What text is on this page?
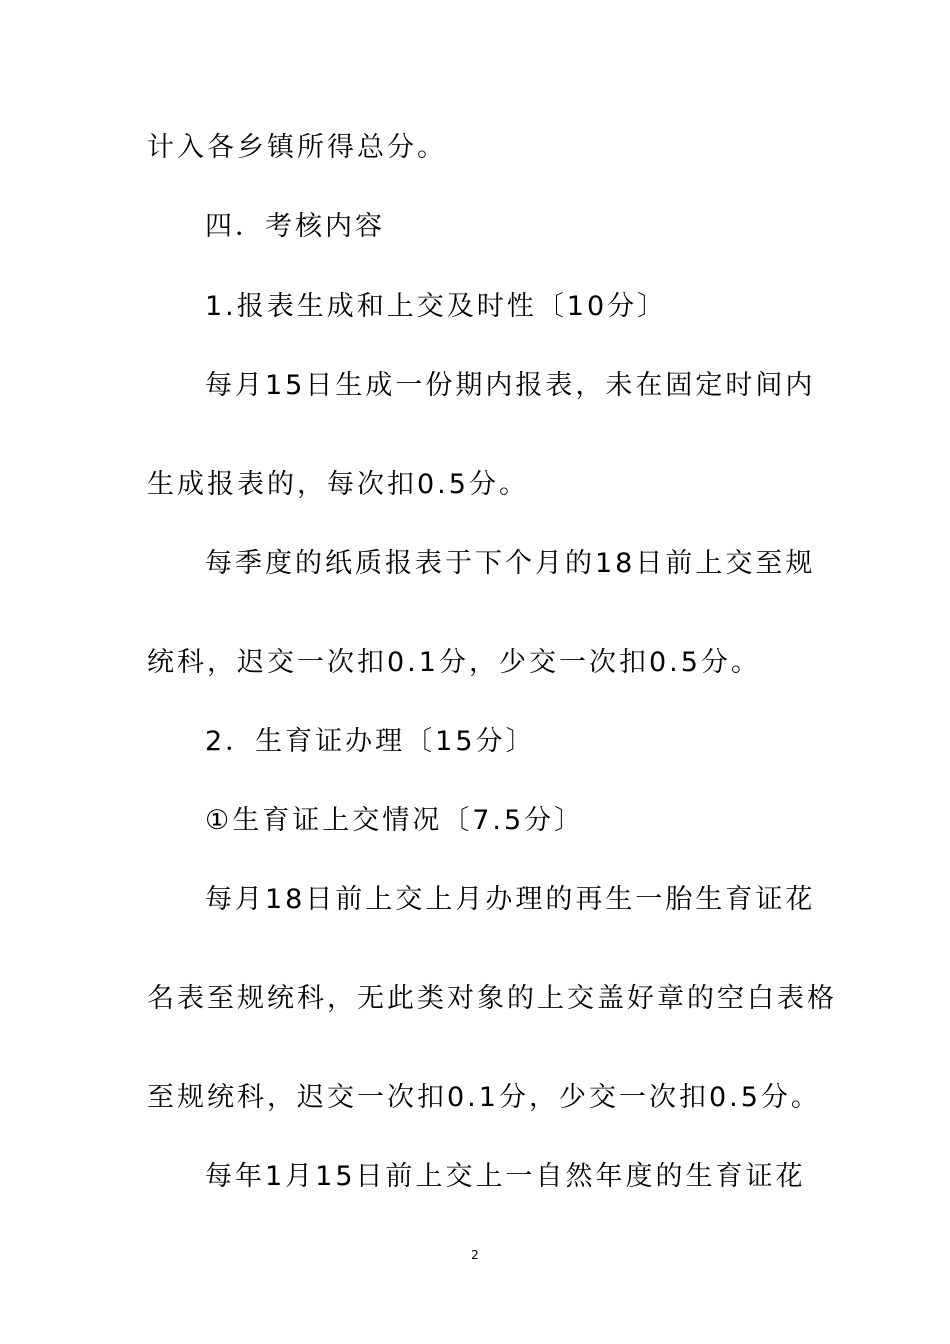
计入各乡镇所得总分。
四．考核内容
1.报表生成和上交及时性〔10分〕
每月15日生成一份期内报表，未在固定时间内
生成报表的，每次扣0.5分。
每季度的纸质报表于下个月的18日前上交至规
统科，迟交一次扣0.1分，少交一次扣0.5分。
2．生育证办理〔15分〕
①生育证上交情况〔7.5分〕
每月18日前上交上月办理的再生一胎生育证花
名表至规统科，无此类对象的上交盖好章的空白表格
至规统科，迟交一次扣0.1分，少交一次扣0.5分。
每年1月15日前上交上一自然年度的生育证花
2
